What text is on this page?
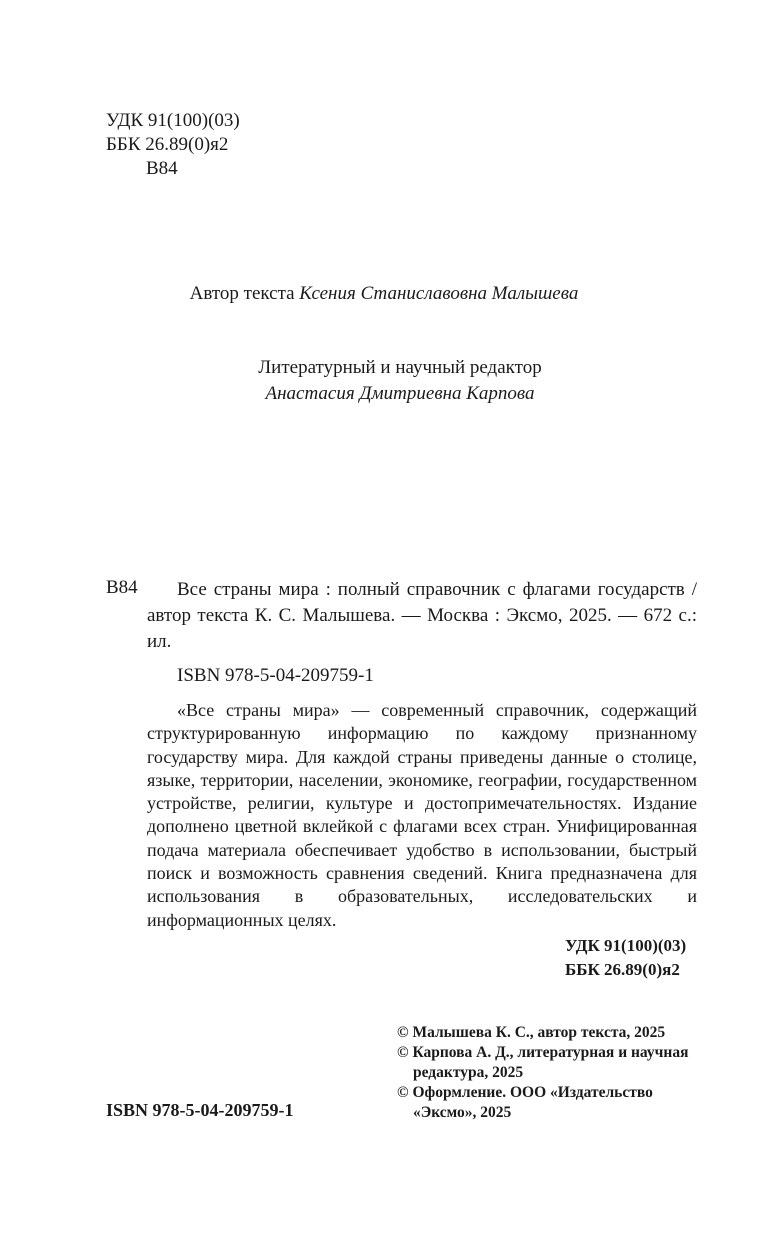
УДК 91(100)(03)
ББК 26.89(0)я2
В84
Автор текста Ксения Станиславовна Малышева
Литературный и научный редактор
Анастасия Дмитриевна Карпова
В84	Все страны мира : полный справочник с флагами государств / автор текста К. С. Малышева. — Москва : Эксмо, 2025. — 672 с.: ил.

ISBN 978-5-04-209759-1

«Все страны мира» — современный справочник, содержащий структурированную информацию по каждому признанному государству мира. Для каждой страны приведены данные о столице, языке, территории, населении, экономике, географии, государственном устройстве, религии, культуре и достопримечательностях. Издание дополнено цветной вклейкой с флагами всех стран. Унифицированная подача материала обеспечивает удобство в использовании, быстрый поиск и возможность сравнения сведений. Книга предназначена для использования в образовательных, исследовательских и информационных целях.

УДК 91(100)(03)
ББК 26.89(0)я2
© Малышева К. С., автор текста, 2025
© Карпова А. Д., литературная и научная
редактура, 2025
© Оформление. ООО «Издательство
«Эксмо», 2025
ISBN 978-5-04-209759-1
